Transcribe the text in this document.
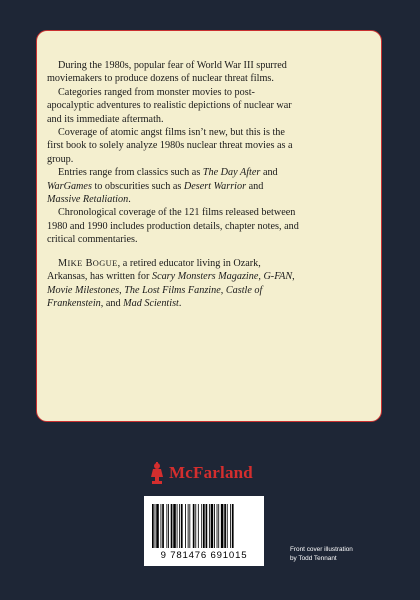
During the 1980s, popular fear of World War III spurred moviemakers to produce dozens of nuclear threat films.

Categories ranged from monster movies to post-apocalyptic adventures to realistic depictions of nuclear war and its immediate aftermath.

Coverage of atomic angst films isn’t new, but this is the first book to solely analyze 1980s nuclear threat movies as a group.

Entries range from classics such as The Day After and WarGames to obscurities such as Desert Warrior and Massive Retaliation.

Chronological coverage of the 121 films released between 1980 and 1990 includes production details, chapter notes, and critical commentaries.

MIKE BOGUE, a retired educator living in Ozark, Arkansas, has written for Scary Monsters Magazine, G-FAN, Movie Milestones, The Lost Films Fanzine, Castle of Frankenstein, and Mad Scientist.

McFarland
9 781476 691015
Front cover illustration
by Todd Tennant
